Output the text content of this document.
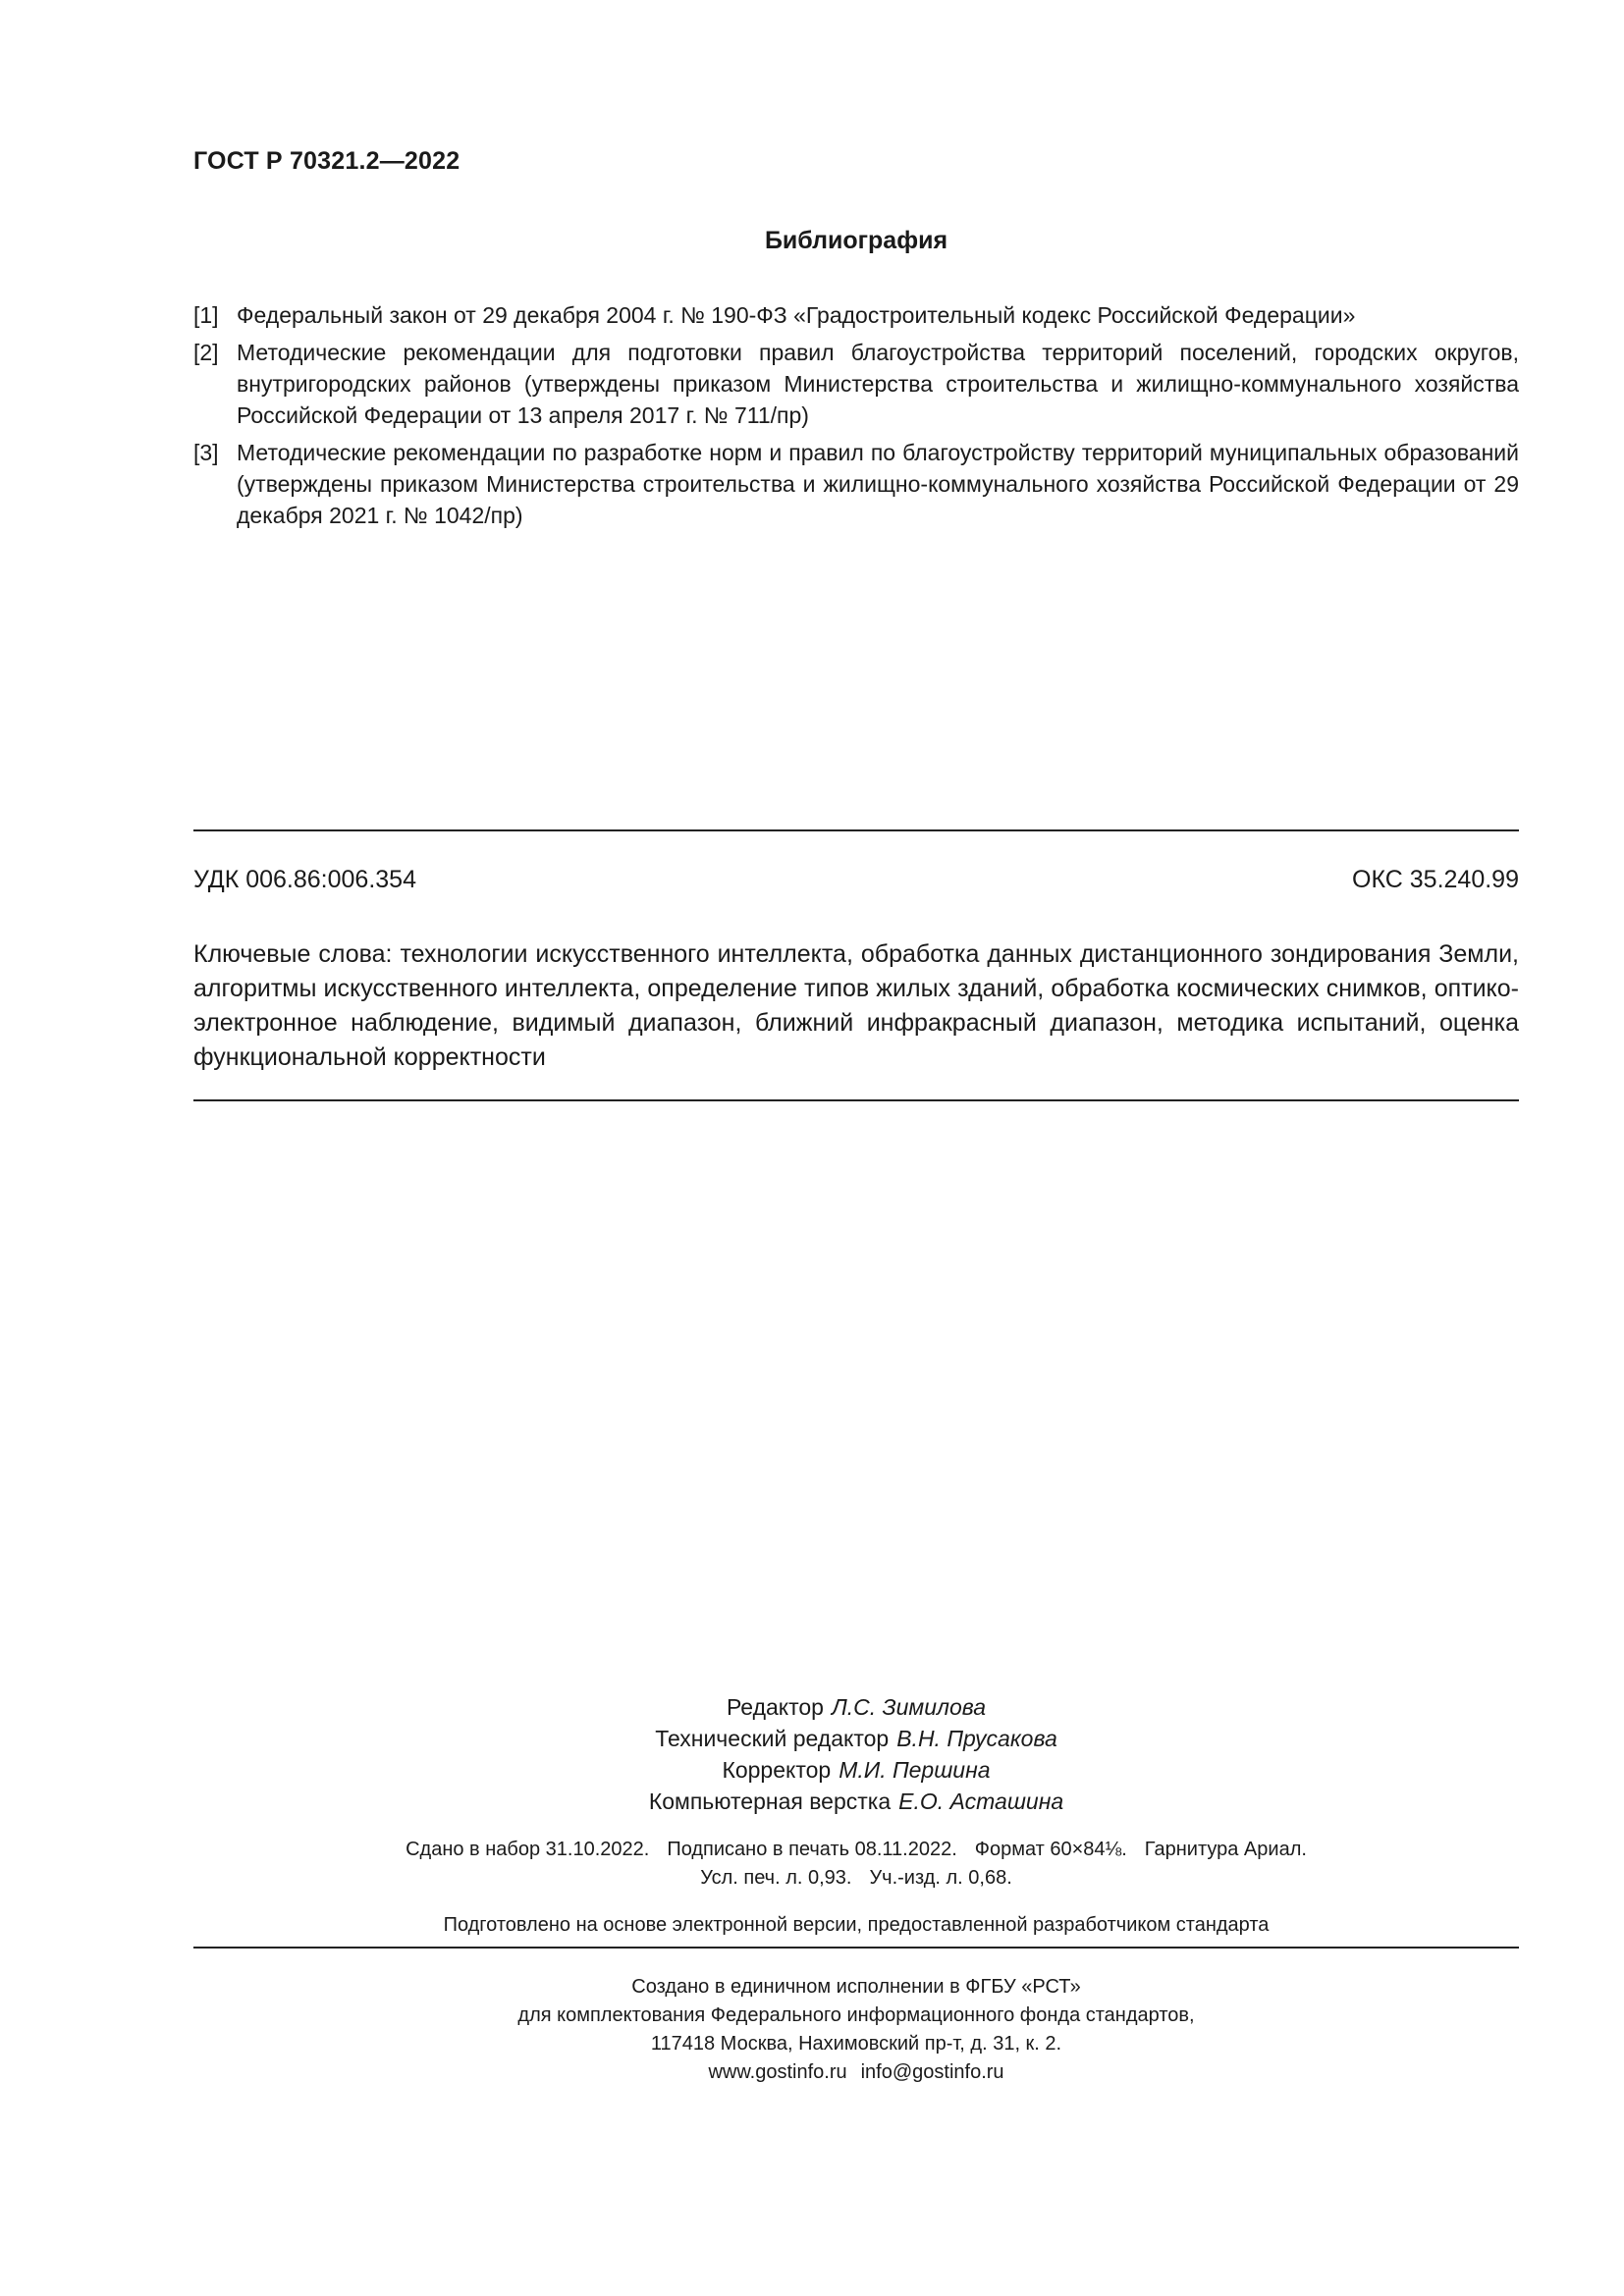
ГОСТ Р 70321.2—2022
Библиография
[1] Федеральный закон от 29 декабря 2004 г. № 190-ФЗ «Градостроительный кодекс Российской Федерации»
[2] Методические рекомендации для подготовки правил благоустройства территорий поселений, городских округов, внутригородских районов (утверждены приказом Министерства строительства и жилищно-коммунального хозяйства Российской Федерации от 13 апреля 2017 г. № 711/пр)
[3] Методические рекомендации по разработке норм и правил по благоустройству территорий муниципальных образований (утверждены приказом Министерства строительства и жилищно-коммунального хозяйства Российской Федерации от 29 декабря 2021 г. № 1042/пр)
УДК 006.86:006.354	ОКС 35.240.99
Ключевые слова: технологии искусственного интеллекта, обработка данных дистанционного зондирования Земли, алгоритмы искусственного интеллекта, определение типов жилых зданий, обработка космических снимков, оптико-электронное наблюдение, видимый диапазон, ближний инфракрасный диапазон, методика испытаний, оценка функциональной корректности
Редактор Л.С. Зимилова
Технический редактор В.Н. Прусакова
Корректор М.И. Першина
Компьютерная верстка Е.О. Асташина
Сдано в набор 31.10.2022. Подписано в печать 08.11.2022. Формат 60×84⅛. Гарнитура Ариал.
Усл. печ. л. 0,93. Уч.-изд. л. 0,68.
Подготовлено на основе электронной версии, предоставленной разработчиком стандарта
Создано в единичном исполнении в ФГБУ «РСТ»
для комплектования Федерального информационного фонда стандартов,
117418 Москва, Нахимовский пр-т, д. 31, к. 2.
www.gostinfo.ru info@gostinfo.ru
